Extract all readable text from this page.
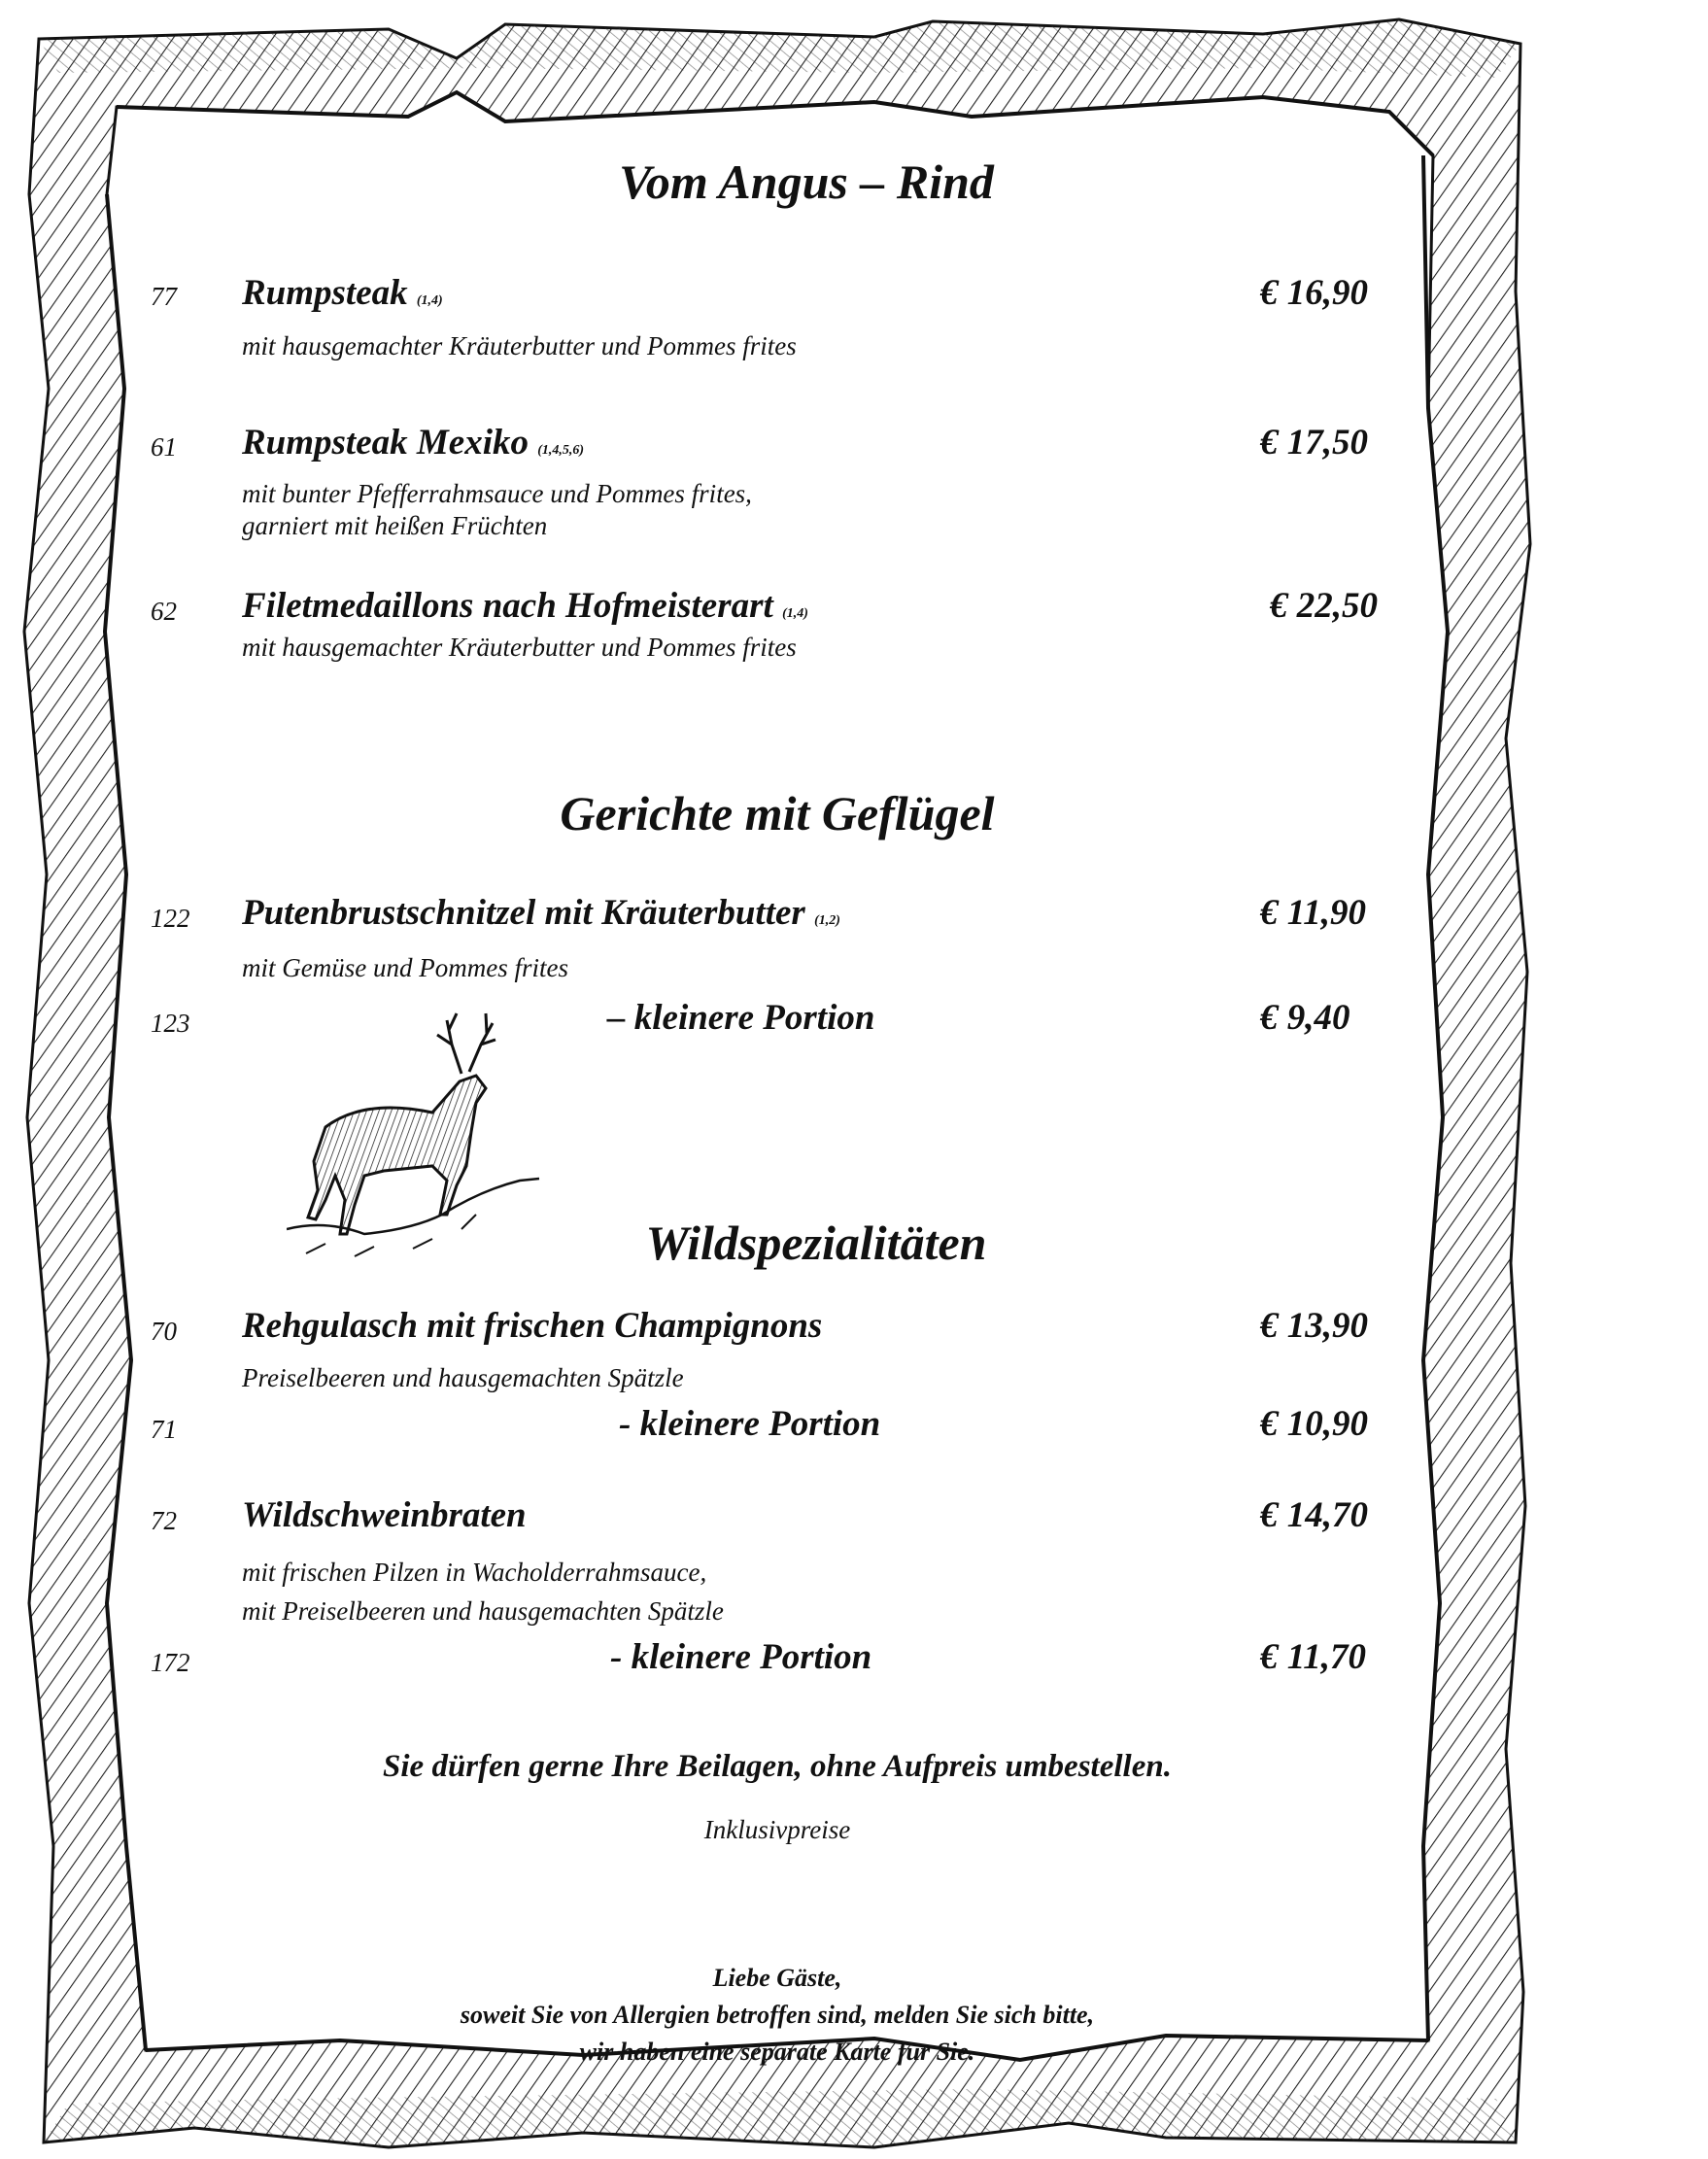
Vom Angus – Rind
77 Rumpsteak (1,4)	€ 16,90
mit hausgemachter Kräuterbutter und Pommes frites
61 Rumpsteak Mexiko (1,4,5,6)	€ 17,50
mit bunter Pfefferrahmsauce und Pommes frites,
garniert mit heißen Früchten
62 Filetmedaillons nach Hofmeisterart (1,4)	€ 22,50
mit hausgemachter Kräuterbutter und Pommes frites
Gerichte mit Geflügel
122 Putenbrustschnitzel mit Kräuterbutter (1,2)	€ 11,90
mit Gemüse und Pommes frites
123	– kleinere Portion	€ 9,40
Wildspezialitäten
70 Rehgulasch mit frischen Champignons	€ 13,90
Preiselbeeren und hausgemachten Spätzle
71	- kleinere Portion	€ 10,90
72 Wildschweinbraten	€ 14,70
mit frischen Pilzen in Wacholderrahmsauce,
mit Preiselbeeren und hausgemachten Spätzle
172	- kleinere Portion	€ 11,70
Sie dürfen gerne Ihre Beilagen, ohne Aufpreis umbestellen.
Inklusivpreise
Liebe Gäste,
soweit Sie von Allergien betroffen sind, melden Sie sich bitte,
wir haben eine separate Karte für Sie.
